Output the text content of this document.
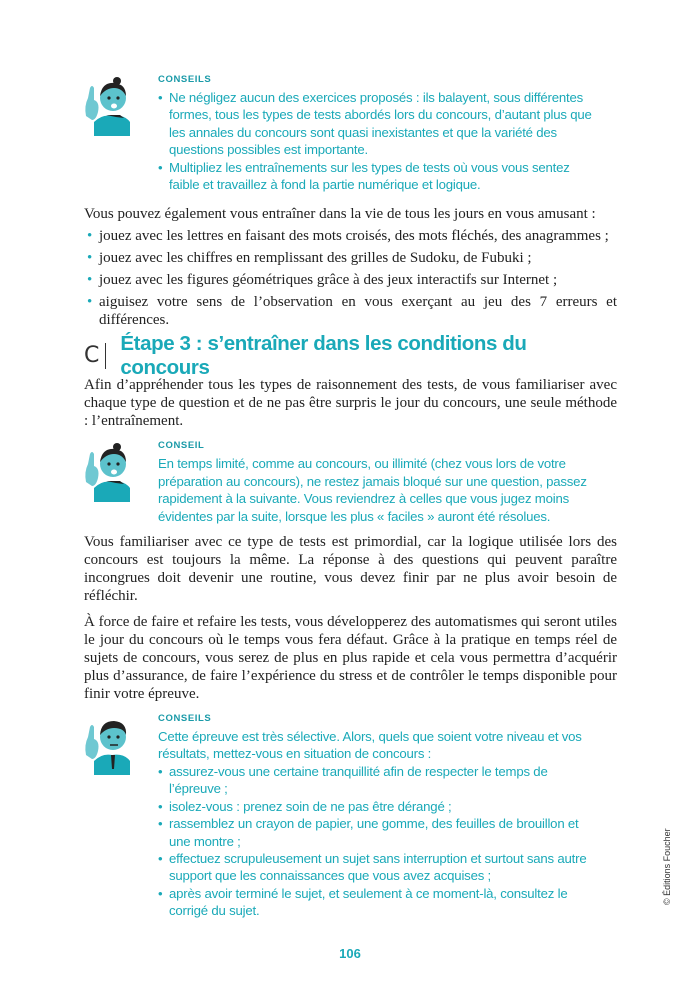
CONSEILS
• Ne négligez aucun des exercices proposés : ils balayent, sous différentes formes, tous les types de tests abordés lors du concours, d’autant plus que les annales du concours sont quasi inexistantes et que la variété des questions possibles est importante.
• Multipliez les entraînements sur les types de tests où vous vous sentez faible et travaillez à fond la partie numérique et logique.

Vous pouvez également vous entraîner dans la vie de tous les jours en vous amusant :

• jouez avec les lettres en faisant des mots croisés, des mots fléchés, des anagrammes ;
• jouez avec les chiffres en remplissant des grilles de Sudoku, de Fubuki ;
• jouez avec les figures géométriques grâce à des jeux interactifs sur Internet ;
• aiguisez votre sens de l’observation en vous exerçant au jeu des 7 erreurs et différences.
C	Étape 3 : s’entraîner dans les conditions du concours

Afin d’appréhender tous les types de raisonnement des tests, de vous familiariser avec chaque type de question et de ne pas être surpris le jour du concours, une seule méthode : l’entraînement.

CONSEIL

En temps limité, comme au concours, ou illimité (chez vous lors de votre préparation au concours), ne restez jamais bloqué sur une question, passez rapidement à la suivante. Vous reviendrez à celles que vous jugez moins évidentes par la suite, lorsque les plus « faciles » auront été résolues.

Vous familiariser avec ce type de tests est primordial, car la logique utilisée lors des concours est toujours la même. La réponse à des questions qui peuvent paraître incongrues doit devenir une routine, vous devez finir par ne plus avoir besoin de réfléchir.

À force de faire et refaire les tests, vous développerez des automatismes qui seront utiles le jour du concours où le temps vous fera défaut. Grâce à la pratique en temps réel de sujets de concours, vous serez de plus en plus rapide et cela vous permettra d’acquérir plus d’assurance, de faire l’expérience du stress et de contrôler le temps disponible pour finir votre épreuve.

CONSEILS

Cette épreuve est très sélective. Alors, quels que soient votre niveau et vos résultats, mettez-vous en situation de concours :

• assurez-vous une certaine tranquillité afin de respecter le temps de l’épreuve ;
• isolez-vous : prenez soin de ne pas être dérangé ;
• rassemblez un crayon de papier, une gomme, des feuilles de brouillon et une montre ;
• effectuez scrupuleusement un sujet sans interruption et surtout sans autre support que les connaissances que vous avez acquises ;
• après avoir terminé le sujet, et seulement à ce moment-là, consultez le corrigé du sujet.
106
© Éditions Foucher
